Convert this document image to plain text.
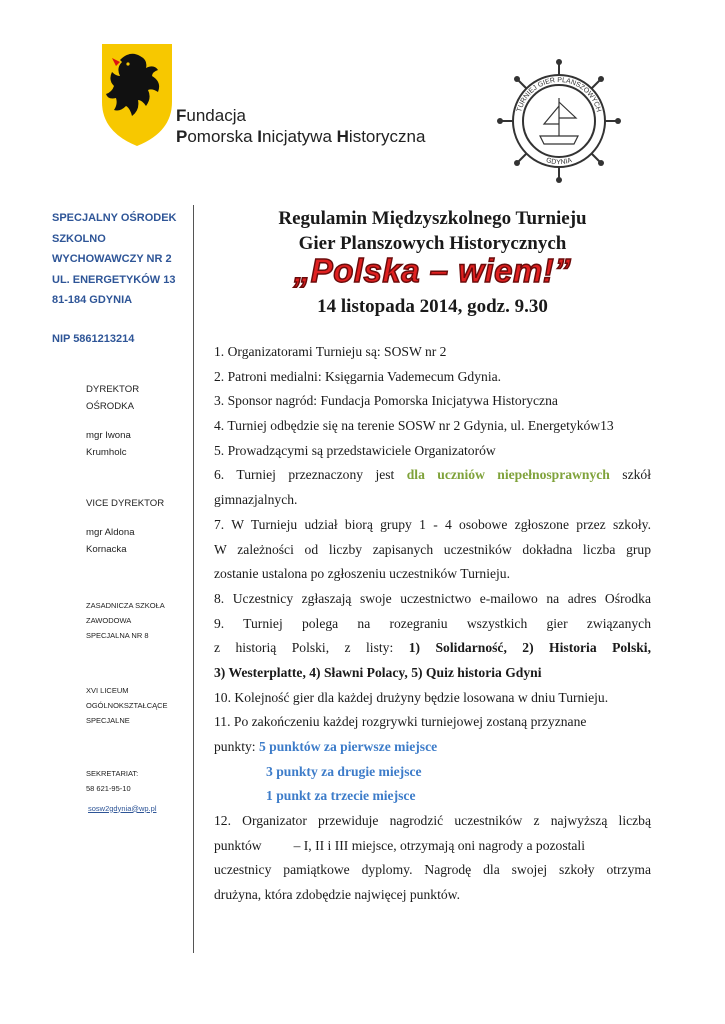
Fundacja
Pomorska Inicjatywa Historyczna
TURNIEJ GIER PLANSZOWYCH
GDYNIA
SPECJALNY OŚRODEK
SZKOLNO
WYCHOWAWCZY NR 2
UL. ENERGETYKÓW 13
81-184 GDYNIA
NIP 5861213214
DYREKTOR
OŚRODKA
mgr Iwona
Krumholc
VICE DYREKTOR
mgr Aldona
Kornacka
ZASADNICZA SZKOŁA
ZAWODOWA
SPECJALNA NR 8
XVI LICEUM
OGÓLNOKSZTAŁCĄCE
SPECJALNE
SEKRETARIAT:
58 621-95-10
sosw2gdynia@wp.pl
Regulamin Międzyszkolnego Turnieju
Gier Planszowych Historycznych
„Polska – wiem!”
14 listopada 2014, godz. 9.30
1. Organizatorami Turnieju są: SOSW nr 2
2. Patroni medialni: Księgarnia Vademecum Gdynia.
3. Sponsor nagród: Fundacja Pomorska Inicjatywa Historyczna
4. Turniej odbędzie się na terenie SOSW nr 2 Gdynia, ul. Energetyków13
5. Prowadzącymi są przedstawiciele Organizatorów
6. Turniej przeznaczony jest dla uczniów niepełnosprawnych szkół
gimnazjalnych.
7. W Turnieju udział biorą grupy 1 - 4 osobowe zgłoszone przez szkoły.
W zależności od liczby zapisanych uczestników dokładna liczba grup
zostanie ustalona po zgłoszeniu uczestników Turnieju.
8. Uczestnicy zgłaszają swoje uczestnictwo e-mailowo na adres Ośrodka
9. Turniej polega na rozegraniu wszystkich gier związanych
z historią Polski, z listy: 1) Solidarność, 2) Historia Polski,
3) Westerplatte, 4) Sławni Polacy, 5) Quiz historia Gdyni
10. Kolejność gier dla każdej drużyny będzie losowana w dniu Turnieju.
11. Po zakończeniu każdej rozgrywki turniejowej zostaną przyznane
punkty: 5 punktów za pierwsze miejsce
3 punkty za drugie miejsce
1 punkt za trzecie miejsce
12. Organizator przewiduje nagrodzić uczestników z najwyższą liczbą
punktów – I, II i III miejsce, otrzymają oni nagrody a pozostali
uczestnicy pamiątkowe dyplomy. Nagrodę dla swojej szkoły otrzyma
drużyna, która zdobędzie najwięcej punktów.
